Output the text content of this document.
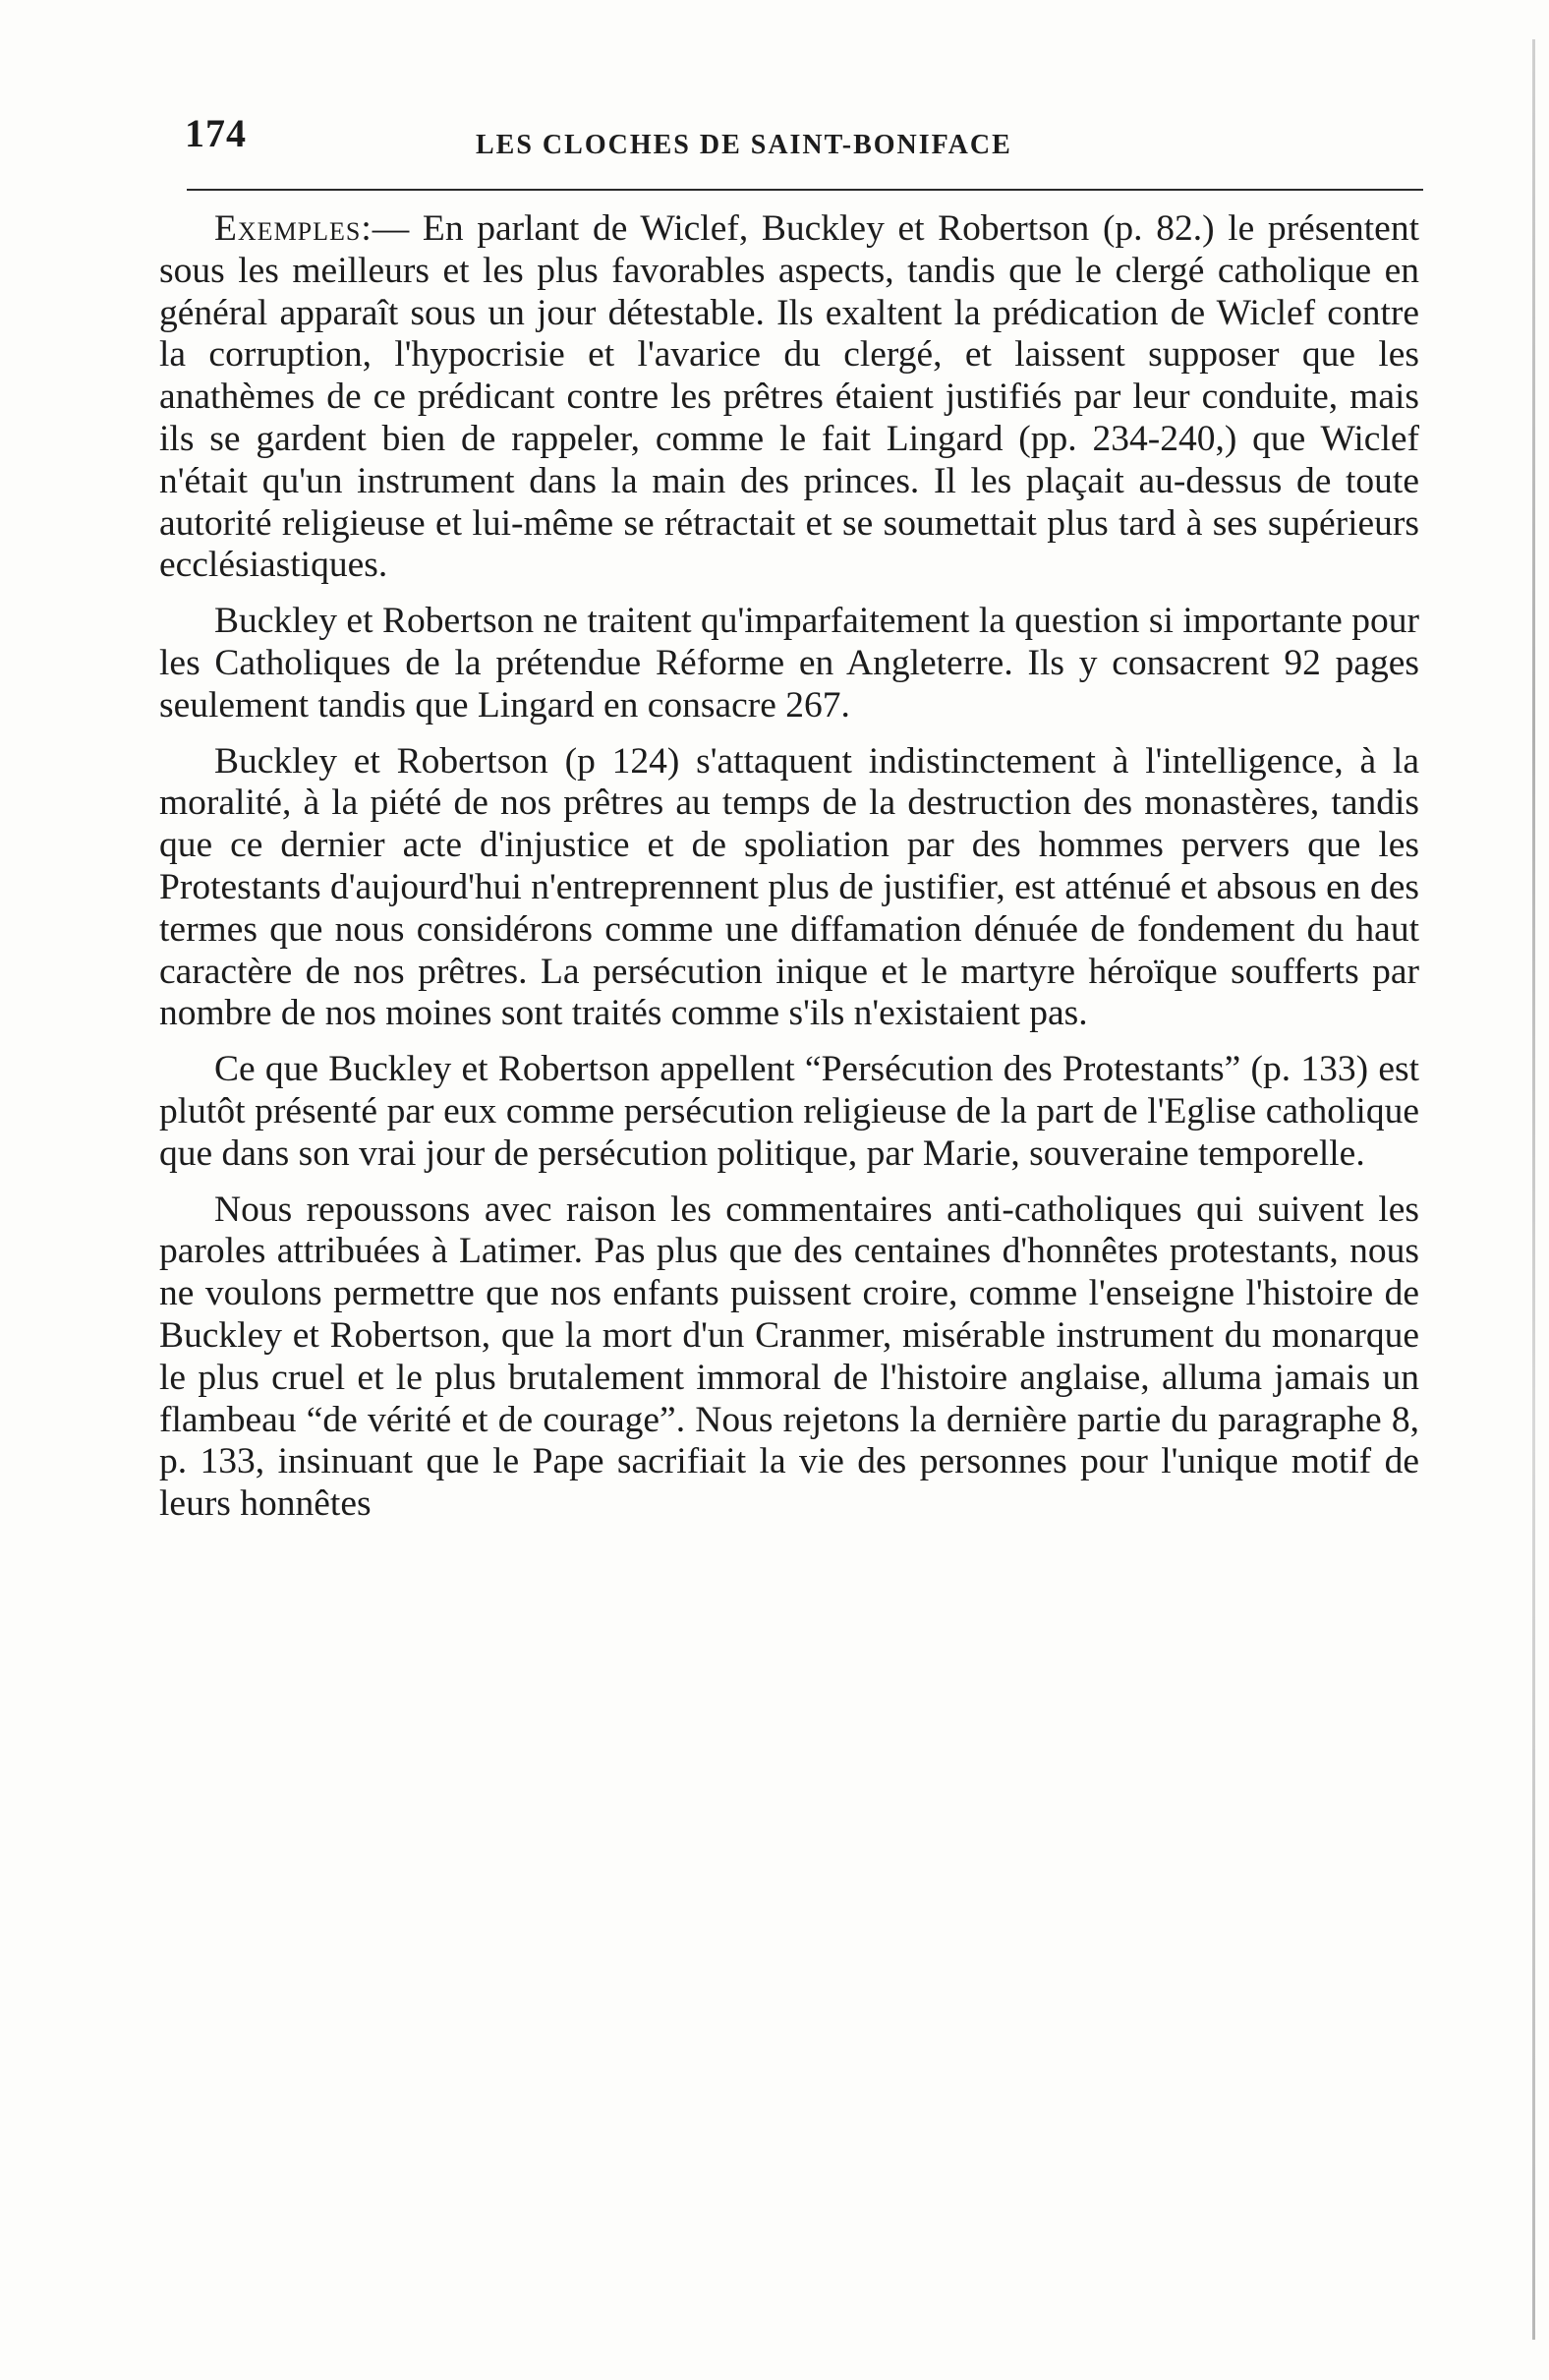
174	LES CLOCHES DE SAINT-BONIFACE

Exemples:— En parlant de Wiclef, Buckley et Robertson (p. 82.) le présentent sous les meilleurs et les plus favorables aspects, tandis que le clergé catholique en général apparaît sous un jour détestable. Ils exaltent la prédication de Wiclef contre la corruption, l'hypocrisie et l'avarice du clergé, et laissent supposer que les anathèmes de ce prédicant contre les prêtres étaient justifiés par leur conduite, mais ils se gardent bien de rappeler, comme le fait Lingard (pp. 234-240,) que Wiclef n'était qu'un instrument dans la main des princes. Il les plaçait au-dessus de toute autorité religieuse et lui-même se rétractait et se soumettait plus tard à ses supérieurs ecclésiastiques.

Buckley et Robertson ne traitent qu'imparfaitement la question si importante pour les Catholiques de la prétendue Réforme en Angleterre. Ils y consacrent 92 pages seulement tandis que Lingard en consacre 267.

Buckley et Robertson (p 124) s'attaquent indistinctement à l'intelligence, à la moralité, à la piété de nos prêtres au temps de la destruction des monastères, tandis que ce dernier acte d'injustice et de spoliation par des hommes pervers que les Protestants d'aujourd'hui n'entreprennent plus de justifier, est atténué et absous en des termes que nous considérons comme une diffamation dénuée de fondement du haut caractère de nos prêtres. La persécution inique et le martyre héroïque soufferts par nombre de nos moines sont traités comme s'ils n'existaient pas.

Ce que Buckley et Robertson appellent “Persécution des Protestants” (p. 133) est plutôt présenté par eux comme persécution religieuse de la part de l'Eglise catholique que dans son vrai jour de persécution politique, par Marie, souveraine temporelle.

Nous repoussons avec raison les commentaires anti-catholiques qui suivent les paroles attribuées à Latimer. Pas plus que des centaines d'honnêtes protestants, nous ne voulons permettre que nos enfants puissent croire, comme l'enseigne l'histoire de Buckley et Robertson, que la mort d'un Cranmer, misérable instrument du monarque le plus cruel et le plus brutalement immoral de l'histoire anglaise, alluma jamais un flambeau “de vérité et de courage”. Nous rejetons la dernière partie du paragraphe 8, p. 133, insinuant que le Pape sacrifiait la vie des personnes pour l'unique motif de leurs honnêtes
